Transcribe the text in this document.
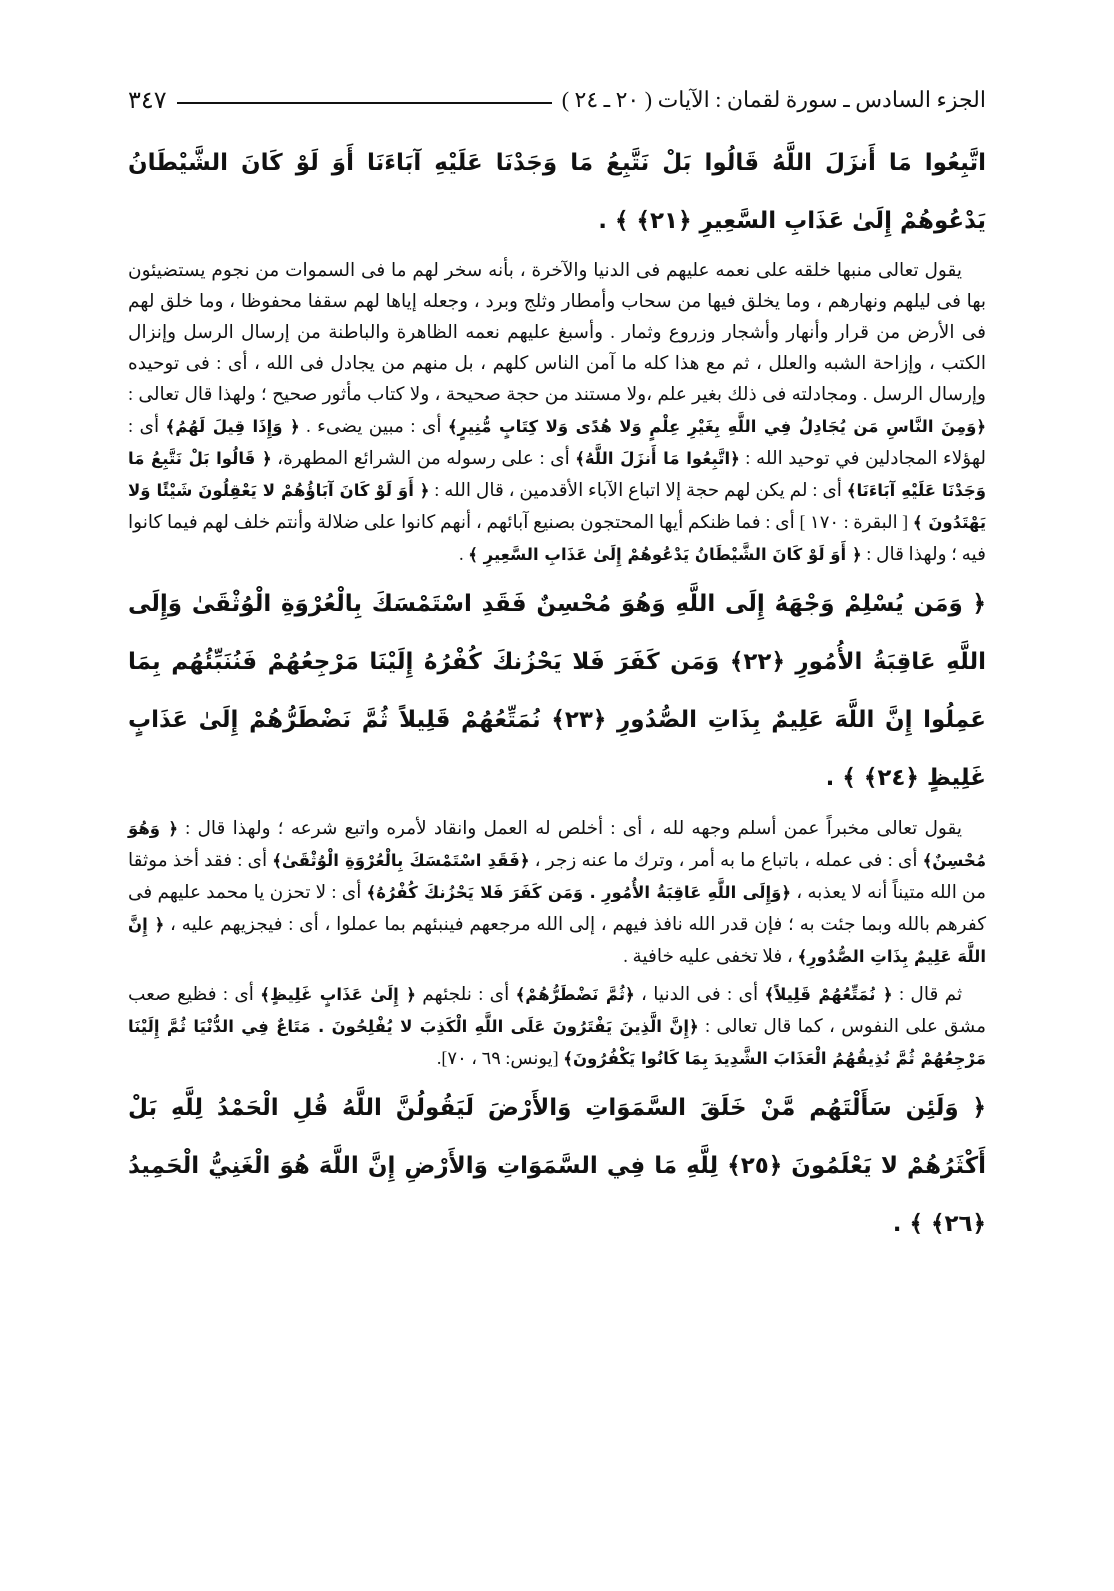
الجزء السادس ـ سورة لقمان : الآيات ( ٢٠ ـ ٢٤ )
٣٤٧

اتَّبِعُوا مَا أَنزَلَ اللَّهُ قَالُوا بَلْ نَتَّبِعُ مَا وَجَدْنَا عَلَيْهِ آبَاءَنَا أَوَ لَوْ كَانَ الشَّيْطَانُ يَدْعُوهُمْ إِلَىٰ عَذَابِ السَّعِيرِ ﴿٢١﴾ ﴾ .

يقول تعالى منبها خلقه على نعمه عليهم فى الدنيا والآخرة ، بأنه سخر لهم ما فى السموات من نجوم يستضيئون بها فى ليلهم ونهارهم ، وما يخلق فيها من سحاب وأمطار وثلج وبرد ، وجعله إياها لهم سقفا محفوظا ، وما خلق لهم فى الأرض من قرار وأنهار وأشجار وزروع وثمار . وأسبغ عليهم نعمه الظاهرة والباطنة من إرسال الرسل وإنزال الكتب ، وإزاحة الشبه والعلل ، ثم مع هذا كله ما آمن الناس كلهم ، بل منهم من يجادل فى الله ، أى : فى توحيده وإرسال الرسل . ومجادلته فى ذلك بغير علم ،ولا مستند من حجة صحيحة ، ولا كتاب مأثور صحيح ؛ ولهذا قال تعالى : ﴿وَمِنَ النَّاسِ مَن يُجَادِلُ فِي اللَّهِ بِغَيْرِ عِلْمٍ وَلا هُدًى وَلا كِتَابٍ مُّنِيرٍ﴾ أى : مبين يضىء . ﴿ وَإِذَا قِيلَ لَهُمُ﴾ أى : لهؤلاء المجادلين في توحيد الله : ﴿اتَّبِعُوا مَا أَنزَلَ اللَّهُ﴾ أى : على رسوله من الشرائع المطهرة، ﴿ قَالُوا بَلْ نَتَّبِعُ مَا وَجَدْنَا عَلَيْهِ آبَاءَنَا﴾ أى : لم يكن لهم حجة إلا اتباع الآباء الأقدمين ، قال الله : ﴿ أَوَ لَوْ كَانَ آبَاؤُهُمْ لا يَعْقِلُونَ شَيْئًا وَلا يَهْتَدُونَ ﴾ [ البقرة : ١٧٠ ] أى : فما ظنكم أيها المحتجون بصنيع آبائهم ، أنهم كانوا على ضلالة وأنتم خلف لهم فيما كانوا فيه ؛ ولهذا قال : ﴿ أَوَ لَوْ كَانَ الشَّيْطَانُ يَدْعُوهُمْ إِلَىٰ عَذَابِ السَّعِيرِ ﴾ .

﴿ وَمَن يُسْلِمْ وَجْهَهُ إِلَى اللَّهِ وَهُوَ مُحْسِنٌ فَقَدِ اسْتَمْسَكَ بِالْعُرْوَةِ الْوُثْقَىٰ وَإِلَى اللَّهِ عَاقِبَةُ الأُمُورِ ﴿٢٢﴾ وَمَن كَفَرَ فَلا يَحْزُنكَ كُفْرُهُ إِلَيْنَا مَرْجِعُهُمْ فَنُنَبِّئُهُم بِمَا عَمِلُوا إِنَّ اللَّهَ عَلِيمٌ بِذَاتِ الصُّدُورِ ﴿٢٣﴾ نُمَتِّعُهُمْ قَلِيلاً ثُمَّ نَضْطَرُّهُمْ إِلَىٰ عَذَابٍ غَلِيظٍ ﴿٢٤﴾ ﴾ .

يقول تعالى مخبراً عمن أسلم وجهه لله ، أى : أخلص له العمل وانقاد لأمره واتبع شرعه ؛ ولهذا قال : ﴿ وَهُوَ مُحْسِنٌ﴾ أى : فى عمله ، باتباع ما به أمر ، وترك ما عنه زجر ، ﴿فَقَدِ اسْتَمْسَكَ بِالْعُرْوَةِ الْوُثْقَىٰ﴾ أى : فقد أخذ موثقا من الله متيناً أنه لا يعذبه ، ﴿وَإِلَى اللَّهِ عَاقِبَةُ الأُمُورِ . وَمَن كَفَرَ فَلا يَحْزُنكَ كُفْرُهُ﴾ أى : لا تحزن يا محمد عليهم فى كفرهم بالله وبما جئت به ؛ فإن قدر الله نافذ فيهم ، إلى الله مرجعهم فينبئهم بما عملوا ، أى : فيجزيهم عليه ، ﴿ إِنَّ اللَّهَ عَلِيمٌ بِذَاتِ الصُّدُورِ﴾ ، فلا تخفى عليه خافية .

ثم قال : ﴿ نُمَتِّعُهُمْ قَلِيلاً﴾ أى : فى الدنيا ، ﴿ثُمَّ نَضْطَرُّهُمْ﴾ أى : نلجئهم ﴿ إِلَىٰ عَذَابٍ غَلِيظٍ﴾ أى : فظيع صعب مشق على النفوس ، كما قال تعالى : ﴿إِنَّ الَّذِينَ يَفْتَرُونَ عَلَى اللَّهِ الْكَذِبَ لا يُفْلِحُونَ . مَتَاعٌ فِي الدُّنْيَا ثُمَّ إِلَيْنَا مَرْجِعُهُمْ ثُمَّ نُذِيقُهُمُ الْعَذَابَ الشَّدِيدَ بِمَا كَانُوا يَكْفُرُونَ﴾ [يونس: ٦٩ ، ٧٠].

﴿ وَلَئِن سَأَلْتَهُم مَّنْ خَلَقَ السَّمَوَاتِ وَالأَرْضَ لَيَقُولُنَّ اللَّهُ قُلِ الْحَمْدُ لِلَّهِ بَلْ أَكْثَرُهُمْ لا يَعْلَمُونَ ﴿٢٥﴾ لِلَّهِ مَا فِي السَّمَوَاتِ وَالأَرْضِ إِنَّ اللَّهَ هُوَ الْغَنِيُّ الْحَمِيدُ ﴿٢٦﴾ ﴾ .
